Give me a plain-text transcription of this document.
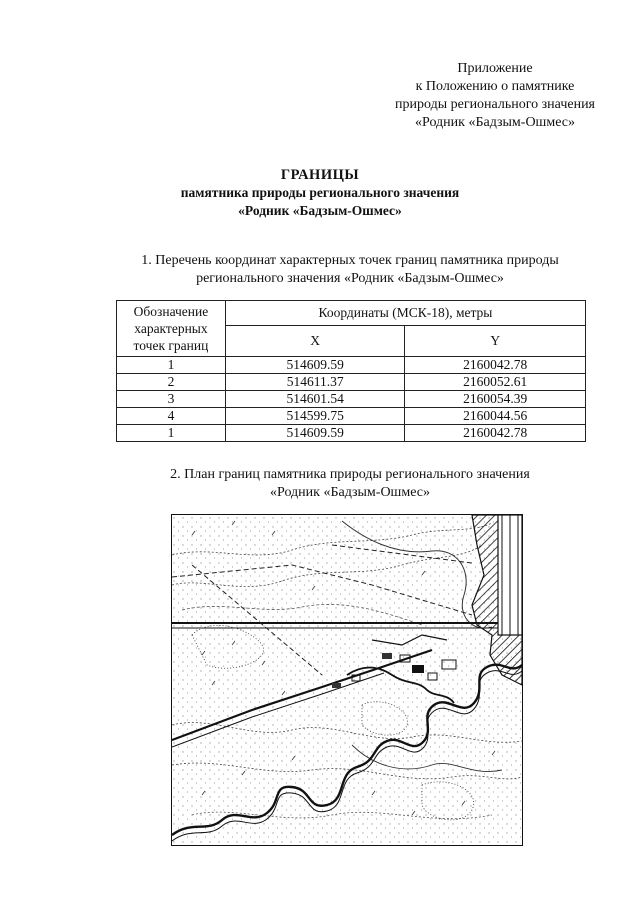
Приложение
к Положению о памятнике
природы регионального значения
«Родник «Бадзым-Ошмес»
ГРАНИЦЫ
памятника природы регионального значения
«Родник «Бадзым-Ошмес»
1. Перечень координат характерных точек границ памятника природы
регионального значения «Родник «Бадзым-Ошмес»
Обозначение характерных точек границ	Координаты (МСК-18), метры	
	X	Y
1	514609.59	2160042.78
2	514611.37	2160052.61
3	514601.54	2160054.39
4	514599.75	2160044.56
1	514609.59	2160042.78
2. План границ памятника природы регионального значения
«Родник «Бадзым-Ошмес»
